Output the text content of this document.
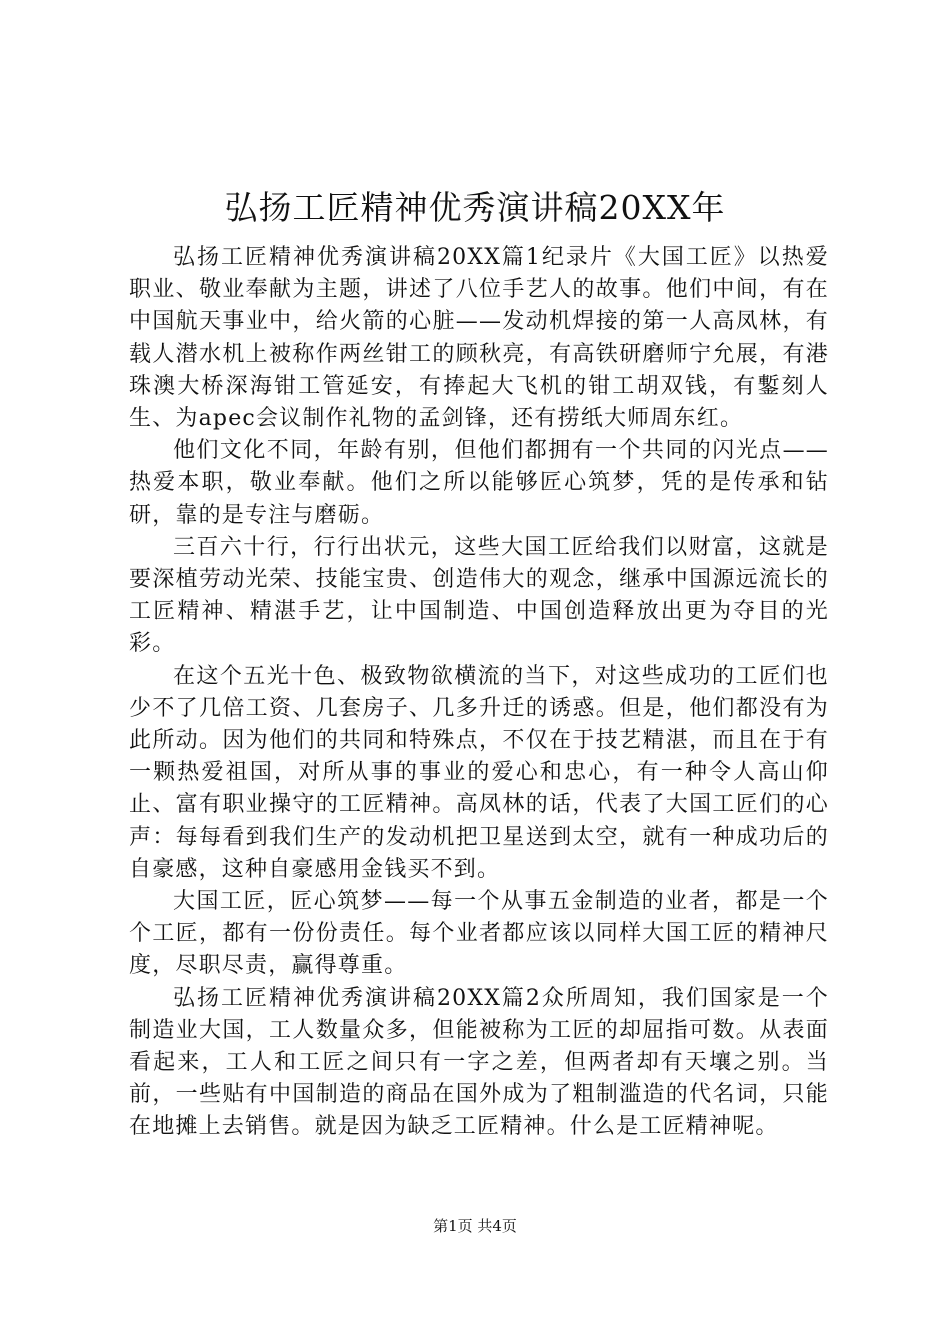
弘扬工匠精神优秀演讲稿20XX年

弘扬工匠精神优秀演讲稿20XX篇1纪录片《大国工匠》以热爱职业、敬业奉献为主题，讲述了八位手艺人的故事。他们中间，有在中国航天事业中，给火箭的心脏——发动机焊接的第一人高凤林，有载人潜水机上被称作两丝钳工的顾秋亮，有高铁研磨师宁允展，有港珠澳大桥深海钳工管延安，有捧起大飞机的钳工胡双钱，有鏨刻人生、为apec会议制作礼物的孟剑锋，还有捞纸大师周东红。

他们文化不同，年龄有别，但他们都拥有一个共同的闪光点——热爱本职，敬业奉献。他们之所以能够匠心筑梦，凭的是传承和钻研，靠的是专注与磨砺。

三百六十行，行行出状元，这些大国工匠给我们以财富，这就是要深植劳动光荣、技能宝贵、创造伟大的观念，继承中国源远流长的工匠精神、精湛手艺，让中国制造、中国创造释放出更为夺目的光彩。

在这个五光十色、极致物欲横流的当下，对这些成功的工匠们也少不了几倍工资、几套房子、几多升迁的诱惑。但是，他们都没有为此所动。因为他们的共同和特殊点，不仅在于技艺精湛，而且在于有一颗热爱祖国，对所从事的事业的爱心和忠心，有一种令人高山仰止、富有职业操守的工匠精神。高凤林的话，代表了大国工匠们的心声：每每看到我们生产的发动机把卫星送到太空，就有一种成功后的自豪感，这种自豪感用金钱买不到。

大国工匠，匠心筑梦——每一个从事五金制造的业者，都是一个个工匠，都有一份份责任。每个业者都应该以同样大国工匠的精神尺度，尽职尽责，赢得尊重。

弘扬工匠精神优秀演讲稿20XX篇2众所周知，我们国家是一个制造业大国，工人数量众多，但能被称为工匠的却屈指可数。从表面看起来，工人和工匠之间只有一字之差，但两者却有天壤之别。当前，一些贴有中国制造的商品在国外成为了粗制滥造的代名词，只能在地摊上去销售。就是因为缺乏工匠精神。什么是工匠精神呢。

第1页 共4页
